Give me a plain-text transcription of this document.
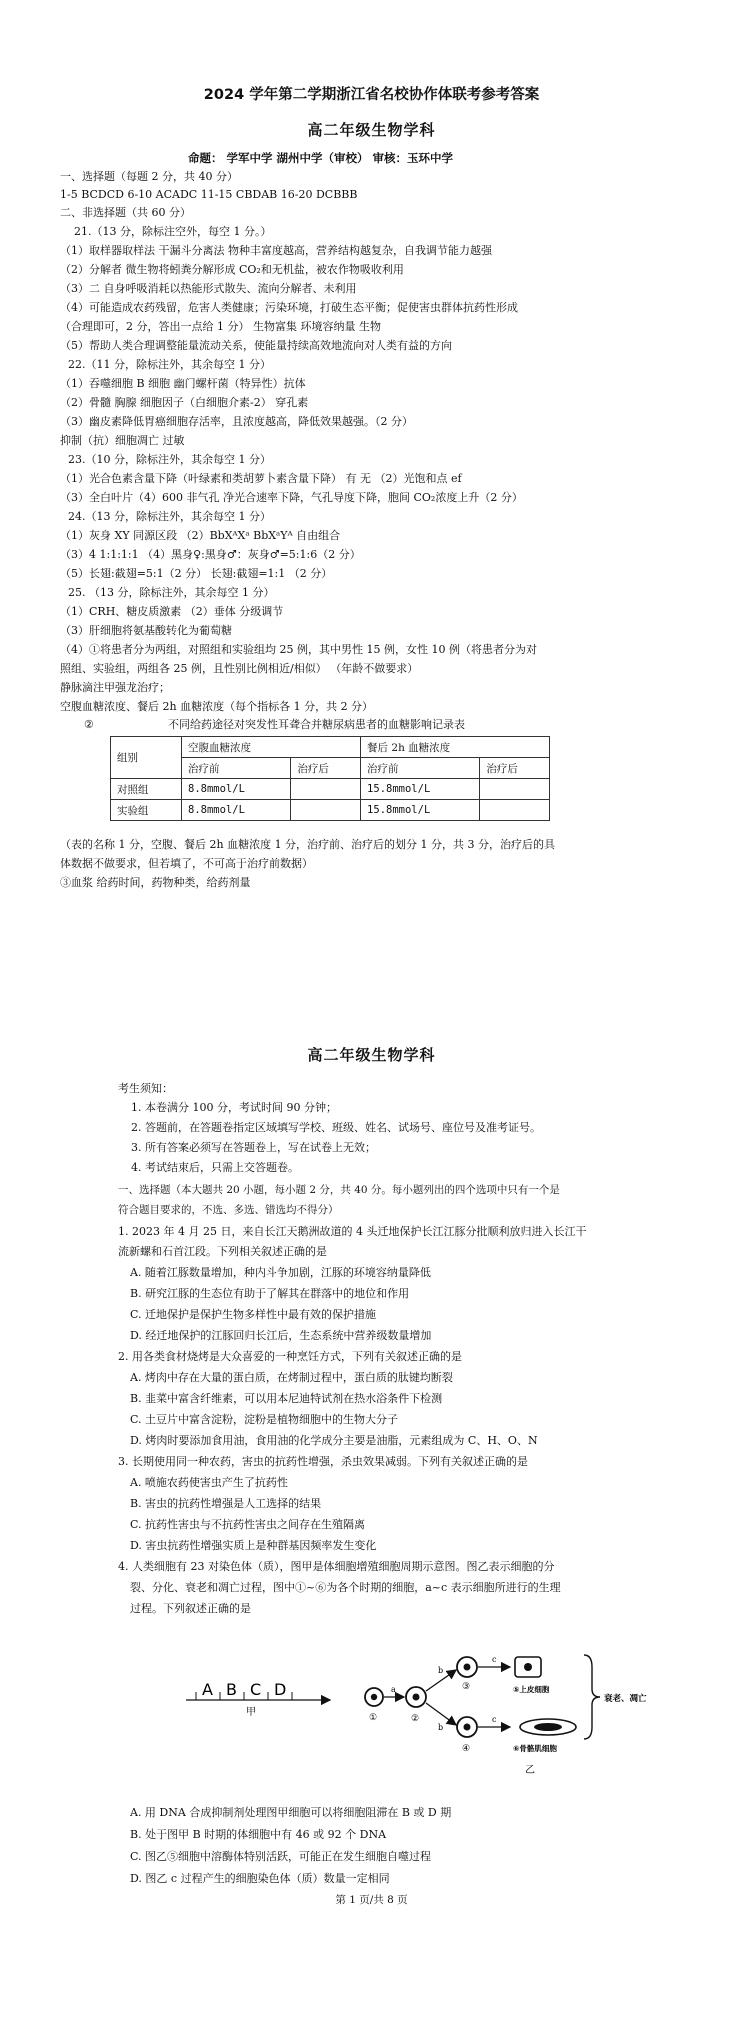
2024 学年第二学期浙江省名校协作体联考参考答案
高二年级生物学科
命题： 学军中学 湖州中学（审校） 审核：玉环中学
一、选择题（每题 2 分，共 40 分）
1-5 BCDCD 6-10 ACADC 11-15 CBDAB 16-20 DCBBB
二、非选择题（共 60 分）
21.（13 分，除标注空外，每空 1 分。）
（1）取样器取样法 干漏斗分离法 物种丰富度越高，营养结构越复杂，自我调节能力越强
（2）分解者 微生物将蚓粪分解形成 CO₂和无机盐，被农作物吸收利用
（3）二 自身呼吸消耗以热能形式散失、流向分解者、未利用
（4）可能造成农药残留，危害人类健康；污染环境，打破生态平衡；促使害虫群体抗药性形成
（合理即可，2 分，答出一点给 1 分） 生物富集 环境容纳量 生物
（5）帮助人类合理调整能量流动关系，使能量持续高效地流向对人类有益的方向
22.（11 分，除标注外，其余每空 1 分）
（1）吞噬细胞 B 细胞 幽门螺杆菌（特异性）抗体
（2）骨髓 胸腺 细胞因子（白细胞介素-2） 穿孔素
（3）幽皮素降低胃癌细胞存活率，且浓度越高，降低效果越强。（2 分）
抑制（抗）细胞凋亡 过敏
23.（10 分，除标注外，其余每空 1 分）
（1）光合色素含量下降（叶绿素和类胡萝卜素含量下降） 有 无 （2）光饱和点 ef
（3）全白叶片（4）600 非气孔 净光合速率下降，气孔导度下降，胞间 CO₂浓度上升（2 分）
24.（13 分，除标注外，其余每空 1 分）
（1）灰身 XY 同源区段 （2）BbXᴬXᵃ BbXᵃYᴬ 自由组合
（3）4 1:1:1:1 （4）黑身♀:黑身♂：灰身♂=5:1:6（2 分）
（5）长翅:截翅=5:1（2 分） 长翅:截翅=1:1 （2 分）
25. （13 分，除标注外，其余每空 1 分）
（1）CRH、糖皮质激素 （2）垂体 分级调节
（3）肝细胞将氨基酸转化为葡萄糖
（4）①将患者分为两组，对照组和实验组均 25 例，其中男性 15 例，女性 10 例（将患者分为对
照组、实验组，两组各 25 例，且性别比例相近/相似） （年龄不做要求）
静脉滴注甲强龙治疗；
空腹血糖浓度、餐后 2h 血糖浓度（每个指标各 1 分，共 2 分）
②	不同给药途径对突发性耳聋合并糖尿病患者的血糖影响记录表
组别	空腹血糖浓度		餐后 2h 血糖浓度	
	治疗前	治疗后	治疗前	治疗后
对照组	8.8mmol/L		15.8mmol/L	
实验组	8.8mmol/L		15.8mmol/L	
（表的名称 1 分，空腹、餐后 2h 血糖浓度 1 分，治疗前、治疗后的划分 1 分，共 3 分，治疗后的具
体数据不做要求，但若填了，不可高于治疗前数据）
③血浆 给药时间，药物种类，给药剂量
高二年级生物学科
考生须知：
1. 本卷满分 100 分，考试时间 90 分钟；
2. 答题前，在答题卷指定区域填写学校、班级、姓名、试场号、座位号及准考证号。
3. 所有答案必须写在答题卷上，写在试卷上无效；
4. 考试结束后，只需上交答题卷。
一、选择题（本大题共 20 小题，每小题 2 分，共 40 分。每小题列出的四个选项中只有一个是
符合题目要求的，不选、多选、错选均不得分）
1. 2023 年 4 月 25 日，来自长江天鹅洲故道的 4 头迁地保护长江江豚分批顺利放归进入长江干
流新螺和石首江段。下列相关叙述正确的是
A. 随着江豚数量增加，种内斗争加剧，江豚的环境容纳量降低
B. 研究江豚的生态位有助于了解其在群落中的地位和作用
C. 迁地保护是保护生物多样性中最有效的保护措施
D. 经迁地保护的江豚回归长江后，生态系统中营养级数量增加
2. 用各类食材烧烤是大众喜爱的一种烹饪方式，下列有关叙述正确的是
A. 烤肉中存在大量的蛋白质，在烤制过程中，蛋白质的肽键均断裂
B. 韭菜中富含纤维素，可以用本尼迪特试剂在热水浴条件下检测
C. 土豆片中富含淀粉，淀粉是植物细胞中的生物大分子
D. 烤肉时要添加食用油，食用油的化学成分主要是油脂，元素组成为 C、H、O、N
3. 长期使用同一种农药，害虫的抗药性增强，杀虫效果减弱。下列有关叙述正确的是
A. 喷施农药使害虫产生了抗药性
B. 害虫的抗药性增强是人工选择的结果
C. 抗药性害虫与不抗药性害虫之间存在生殖隔离
D. 害虫抗药性增强实质上是种群基因频率发生变化
4. 人类细胞有 23 对染色体（质），图甲是体细胞增殖细胞周期示意图。图乙表示细胞的分
裂、分化、衰老和凋亡过程，图中①~⑥为各个时期的细胞，a~c 表示细胞所进行的生理
过程。下列叙述正确的是
A B C D
甲	①
a
②
b
b
③
④
c
c
⑤上皮细胞
⑥骨骼肌细胞
衰老、凋亡
乙
A. 用 DNA 合成抑制剂处理图甲细胞可以将细胞阻滞在 B 或 D 期
B. 处于图甲 B 时期的体细胞中有 46 或 92 个 DNA
C. 图乙⑤细胞中溶酶体特别活跃，可能正在发生细胞自噬过程
D. 图乙 c 过程产生的细胞染色体（质）数量一定相同
第 1 页/共 8 页
